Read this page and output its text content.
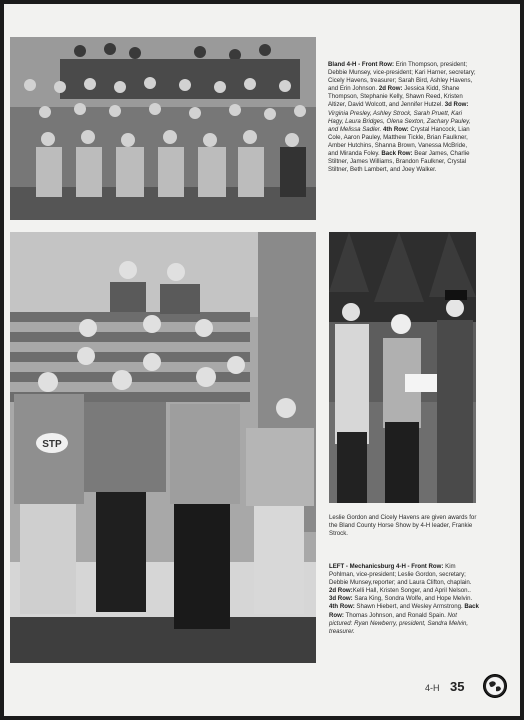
Bland 4-H - Front Row: Erin Thompson, president; Debbie Munsey, vice-president; Kari Harner, secretary; Cicely Havens, treasurer; Sarah Bird, Ashley Havens, and Erin Johnson. 2d Row: Jessica Kidd, Shane Thompson, Stephanie Kelly, Shawn Reed, Kristen Altizer, David Wolcott, and Jennifer Hutzel. 3d Row: Virginia Presley, Ashley Strock, Sarah Pruett, Kari Hagy, Laura Bridges, Olena Sexton, Zachary Pauley, and Melissa Sadler. 4th Row: Crystal Hancock, Lian Cole, Aaron Pauley, Matthew Tickle, Brian Faulkner, Amber Hutchins, Shanna Brown, Vanessa McBride, and Miranda Foley. Back Row: Bear James, Charlie Stiltner, James Williams, Brandon Faulkner, Crystal Stiltner, Beth Lambert, and Joey Walker.

STP

Leslie Gordon and Cicely Havens are given awards for the Bland County Horse Show by 4-H leader, Frankie Strock.

LEFT - Mechanicsburg 4-H - Front Row: Kim Pohlman, vice-president; Leslie Gordon, secretary; Debbie Munsey,reporter; and Laura Clifton, chaplain. 2d Row:Kelli Hall, Kristen Songer, and April Nelson.. 3d Row: Sara King, Sondra Wolfe, and Hope Melvin. 4th Row: Shawn Hiebert, and Wesley Armstrong. Back Row: Thomas Johnson, and Ronald Spain. Not pictured: Ryan Newberry, president, Sandra Melvin, treasurer.

4-H 35
